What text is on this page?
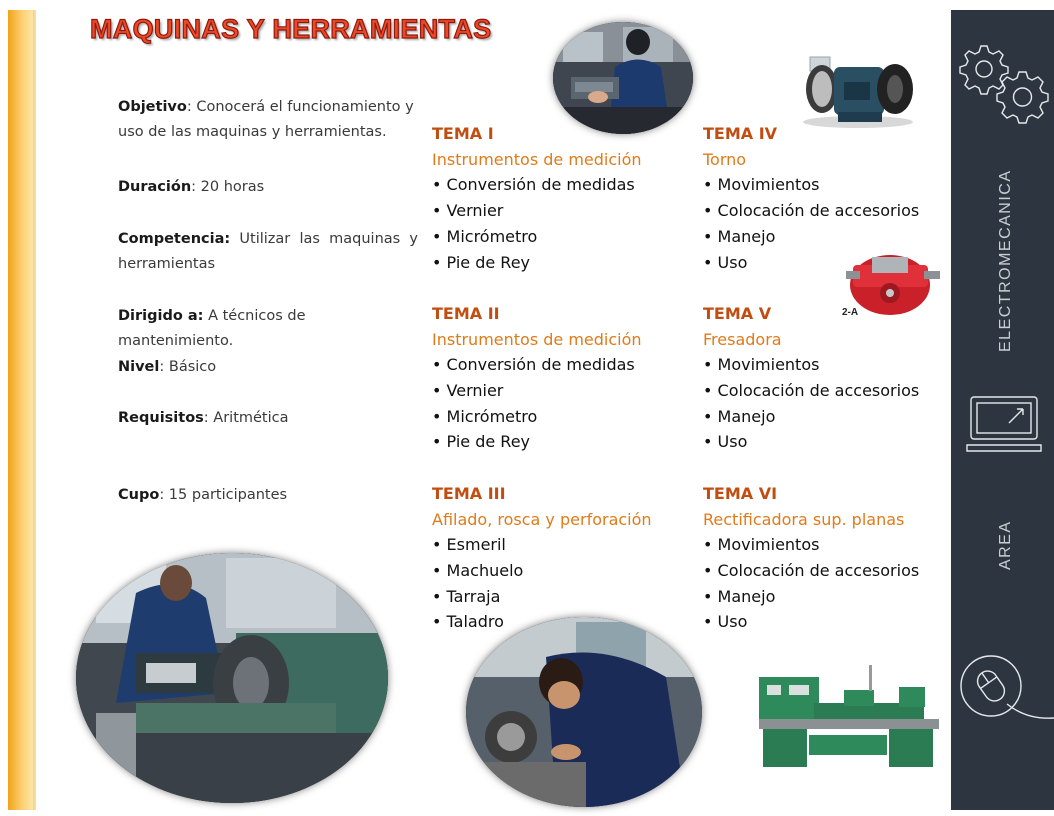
MAQUINAS Y HERRAMIENTAS
Objetivo: Conocerá el funcionamiento y uso de las maquinas y herramientas.
Duración: 20 horas
Competencia: Utilizar las maquinas y
herramientas
Dirigido a: A técnicos de mantenimiento.
Nivel: Básico
Requisitos: Aritmética
Cupo: 15 participantes
TEMA I
Instrumentos de medición
• Conversión de medidas
• Vernier
• Micrómetro
• Pie de Rey
TEMA II
Instrumentos de medición
• Conversión de medidas
• Vernier
• Micrómetro
• Pie de Rey
TEMA III
Afilado, rosca y perforación
• Esmeril
• Machuelo
• Tarraja
• Taladro
TEMA IV
Torno
• Movimientos
• Colocación de accesorios
• Manejo
• Uso
TEMA V
Fresadora
• Movimientos
• Colocación de accesorios
• Manejo
• Uso
TEMA VI
Rectificadora sup. planas
• Movimientos
• Colocación de accesorios
• Manejo
• Uso
2-A	ELECTROMECANICA
AREA
